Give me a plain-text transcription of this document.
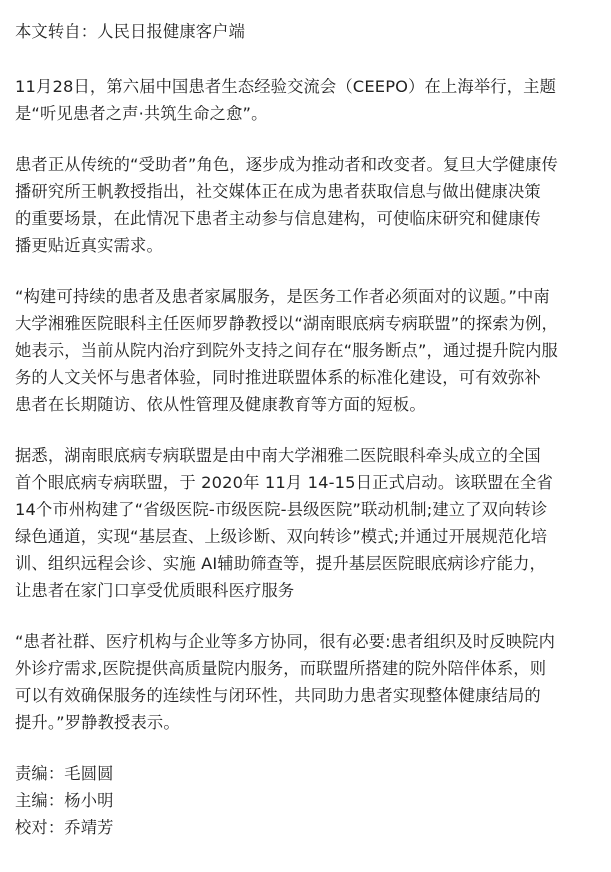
本文转自：人民日报健康客户端
11月28日，第六届中国患者生态经验交流会（CEEPO）在上海举行，主题
是“听见患者之声·共筑生命之愈”。
患者正从传统的“受助者”角色，逐步成为推动者和改变者。复旦大学健康传
播研究所王帆教授指出，社交媒体正在成为患者获取信息与做出健康决策
的重要场景，在此情况下患者主动参与信息建构，可使临床研究和健康传
播更贴近真实需求。
“构建可持续的患者及患者家属服务，是医务工作者必须面对的议题。”中南
大学湘雅医院眼科主任医师罗静教授以“湖南眼底病专病联盟”的探索为例，
她表示，当前从院内治疗到院外支持之间存在“服务断点”，通过提升院内服
务的人文关怀与患者体验，同时推进联盟体系的标准化建设，可有效弥补
患者在长期随访、依从性管理及健康教育等方面的短板。
据悉，湖南眼底病专病联盟是由中南大学湘雅二医院眼科牵头成立的全国
首个眼底病专病联盟，于 2020年 11月 14-15日正式启动。该联盟在全省
14个市州构建了“省级医院-市级医院-县级医院”联动机制;建立了双向转诊
绿色通道，实现“基层查、上级诊断、双向转诊”模式;并通过开展规范化培
训、组织远程会诊、实施 AI辅助筛查等，提升基层医院眼底病诊疗能力，
让患者在家门口享受优质眼科医疗服务
“患者社群、医疗机构与企业等多方协同，很有必要:患者组织及时反映院内
外诊疗需求,医院提供高质量院内服务，而联盟所搭建的院外陪伴体系，则
可以有效确保服务的连续性与闭环性，共同助力患者实现整体健康结局的
提升。”罗静教授表示。
责编：毛圆圆
主编：杨小明
校对：乔靖芳
